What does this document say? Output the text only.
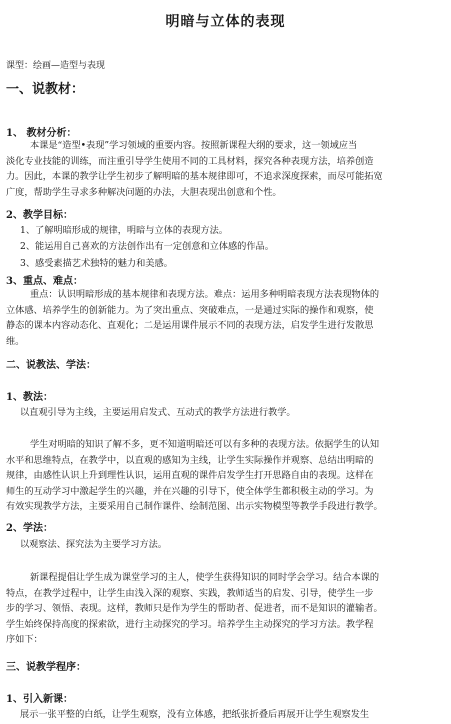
明暗与立体的表现
课型：绘画—造型与表现
一、说教材：
1、 教材分析：
本课是“造型•表现”学习领域的重要内容。按照新课程大纲的要求，这一领域应当
淡化专业技能的训练，而注重引导学生使用不同的工具材料，探究各种表现方法，培养创造
力。因此，本课的教学让学生初步了解明暗的基本规律即可，不追求深度探索，而尽可能拓宽
广度，帮助学生寻求多种解决问题的办法，大胆表现出创意和个性。
2、教学目标：
1、了解明暗形成的规律，明暗与立体的表现方法。
2、能运用自己喜欢的方法创作出有一定创意和立体感的作品。
3、感受素描艺术独特的魅力和美感。
3、重点、难点：
重点：认识明暗形成的基本规律和表现方法。难点：运用多种明暗表现方法表现物体的
立体感、培养学生的创新能力。为了突出重点、突破难点，一是通过实际的操作和观察，使
静态的课本内容动态化、直观化；二是运用课件展示不同的表现方法，启发学生进行发散思
维。
二、说教法、学法：
1、教法：
以直观引导为主线，主要运用启发式、互动式的教学方法进行教学。
学生对明暗的知识了解不多，更不知道明暗还可以有多种的表现方法。依据学生的认知
水平和思维特点，在教学中，以直观的感知为主线，让学生实际操作并观察、总结出明暗的
规律，由感性认识上升到理性认识，运用直观的课件启发学生打开思路自由的表现。这样在
师生的互动学习中激起学生的兴趣，并在兴趣的引导下，使全体学生都积极主动的学习。为
有效实现教学方法，主要采用自己制作课件、绘制范图、出示实物模型等教学手段进行教学。
2、学法：
以观察法、探究法为主要学习方法。
新课程提倡让学生成为课堂学习的主人，使学生获得知识的同时学会学习。结合本课的
特点，在教学过程中，让学生由浅入深的观察、实践，教师适当的启发、引导，使学生一步
步的学习、领悟、表现。这样，教师只是作为学生的帮助者、促进者，而不是知识的灌输者。
学生始终保持高度的探索欲，进行主动探究的学习。培养学生主动探究的学习方法。教学程
序如下：
三、说教学程序：
1、引入新课：
展示一张平整的白纸，让学生观察，没有立体感，把纸张折叠后再展开让学生观察发生
